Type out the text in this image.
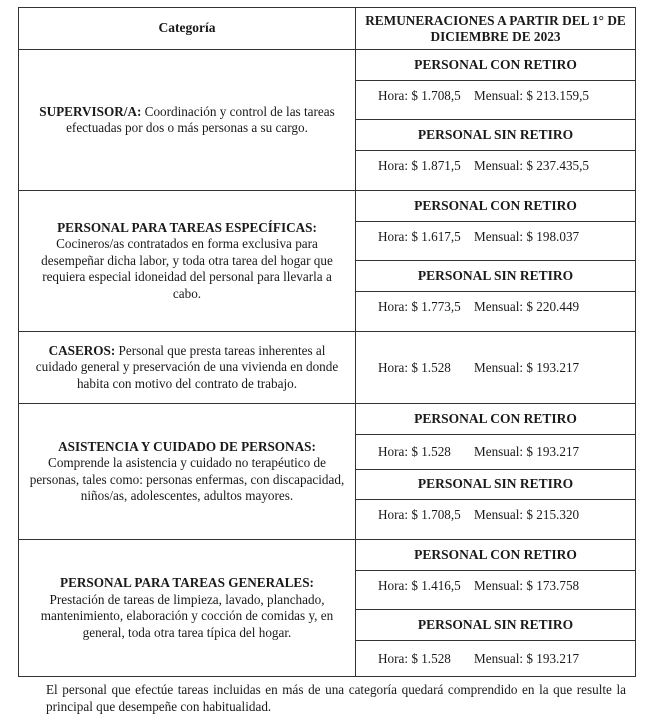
Categoría
REMUNERACIONES A PARTIR DEL 1° DE DICIEMBRE DE 2023
SUPERVISOR/A: Coordinación y control de las tareas efectuadas por dos o más personas a su cargo.
PERSONAL CON RETIRO
Hora: $ 1.708,5	Mensual: $ 213.159,5
PERSONAL SIN RETIRO
Hora: $ 1.871,5	Mensual: $ 237.435,5
PERSONAL PARA TAREAS ESPECÍFICAS:
Cocineros/as contratados en forma exclusiva para desempeñar dicha labor, y toda otra tarea del hogar que requiera especial idoneidad del personal para llevarla a cabo.
PERSONAL CON RETIRO
Hora: $ 1.617,5	Mensual: $ 198.037
PERSONAL SIN RETIRO
Hora: $ 1.773,5	Mensual: $ 220.449
CASEROS: Personal que presta tareas inherentes al cuidado general y preservación de una vivienda en donde habita con motivo del contrato de trabajo.
Hora: $ 1.528	Mensual: $ 193.217
ASISTENCIA Y CUIDADO DE PERSONAS:
Comprende la asistencia y cuidado no terapéutico de personas, tales como: personas enfermas, con discapacidad, niños/as, adolescentes, adultos mayores.
PERSONAL CON RETIRO
Hora: $ 1.528	Mensual: $ 193.217
PERSONAL SIN RETIRO
Hora: $ 1.708,5	Mensual: $ 215.320
PERSONAL PARA TAREAS GENERALES:
Prestación de tareas de limpieza, lavado, planchado, mantenimiento, elaboración y cocción de comidas y, en general, toda otra tarea típica del hogar.
PERSONAL CON RETIRO
Hora: $ 1.416,5	Mensual: $ 173.758
PERSONAL SIN RETIRO
Hora: $ 1.528	Mensual: $ 193.217
El personal que efectúe tareas incluidas en más de una categoría quedará comprendido en la que resulte la principal que desempeñe con habitualidad.
